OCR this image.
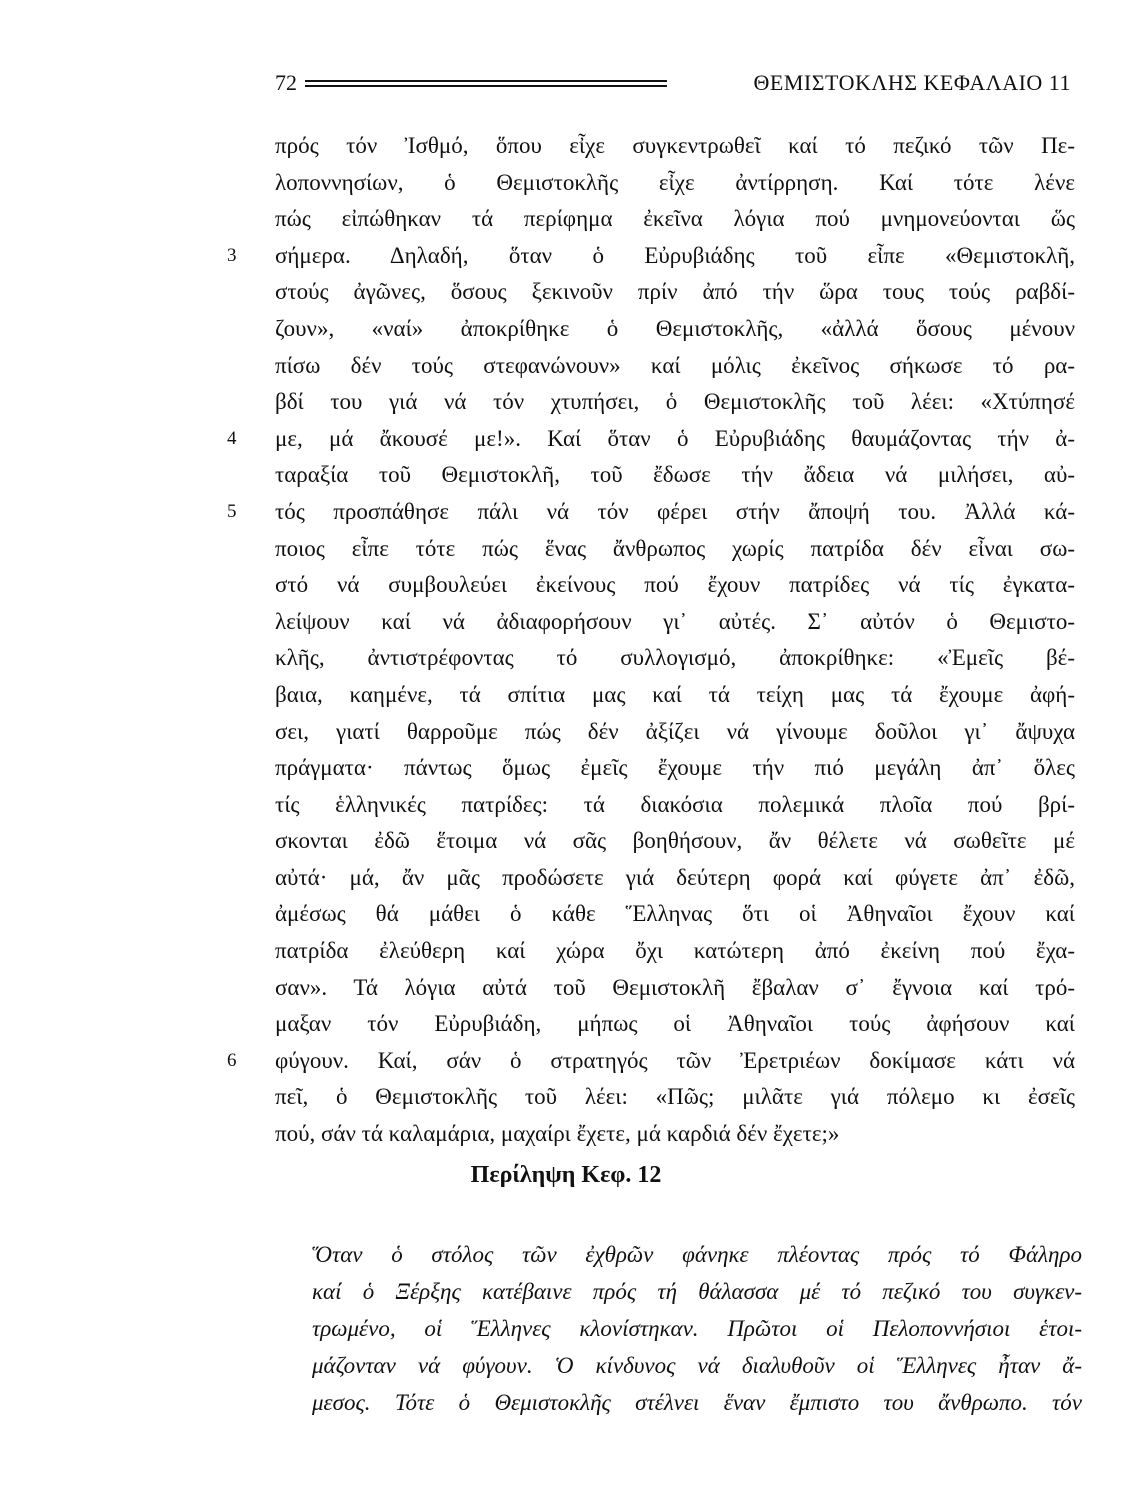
72	ΘΕΜΙΣΤΟΚΛΗΣ ΚΕΦΑΛΑΙΟ 11
πρός τόν Ἰσθμό, ὅπου εἶχε συγκεντρωθεῖ καί τό πεζικό τῶν Πε-
λοποννησίων, ὁ Θεμιστοκλῆς εἶχε ἀντίρρηση. Καί τότε λένε
πώς εἰπώθηκαν τά περίφημα ἐκεῖνα λόγια πού μνημονεύονται ὥς
3 σήμερα. Δηλαδή, ὅταν ὁ Εὐρυβιάδης τοῦ εἶπε «Θεμιστοκλῆ,
στούς ἀγῶνες, ὅσους ξεκινοῦν πρίν ἀπό τήν ὥρα τους τούς ραβδί-
ζουν», «ναί» ἀποκρίθηκε ὁ Θεμιστοκλῆς, «ἀλλά ὅσους μένουν
πίσω δέν τούς στεφανώνουν» καί μόλις ἐκεῖνος σήκωσε τό ρα-
βδί του γιά νά τόν χτυπήσει, ὁ Θεμιστοκλῆς τοῦ λέει: «Χτύπησέ
4 με, μά ἄκουσέ με!». Καί ὅταν ὁ Εὐρυβιάδης θαυμάζοντας τήν ἀ-
ταραξία τοῦ Θεμιστοκλῆ, τοῦ ἔδωσε τήν ἄδεια νά μιλήσει, αὐ-
5 τός προσπάθησε πάλι νά τόν φέρει στήν ἄποψή του. Ἀλλά κά-
ποιος εἶπε τότε πώς ἕνας ἄνθρωπος χωρίς πατρίδα δέν εἶναι σω-
στό νά συμβουλεύει ἐκείνους πού ἔχουν πατρίδες νά τίς ἐγκατα-
λείψουν καί νά ἀδιαφορήσουν γι᾿ αὐτές. Σ᾿ αὐτόν ὁ Θεμιστο-
κλῆς, ἀντιστρέφοντας τό συλλογισμό, ἀποκρίθηκε: «Ἐμεῖς βέ-
βαια, καημένε, τά σπίτια μας καί τά τείχη μας τά ἔχουμε ἀφή-
σει, γιατί θαρροῦμε πώς δέν ἀξίζει νά γίνουμε δοῦλοι γι᾿ ἄψυχα
πράγματα· πάντως ὅμως ἐμεῖς ἔχουμε τήν πιό μεγάλη ἀπ᾿ ὅλες
τίς ἑλληνικές πατρίδες: τά διακόσια πολεμικά πλοῖα πού βρί-
σκονται ἐδῶ ἕτοιμα νά σᾶς βοηθήσουν, ἄν θέλετε νά σωθεῖτε μέ
αὐτά· μά, ἄν μᾶς προδώσετε γιά δεύτερη φορά καί φύγετε ἀπ᾿ ἐδῶ,
ἀμέσως θά μάθει ὁ κάθε Ἕλληνας ὅτι οἱ Ἀθηναῖοι ἔχουν καί
πατρίδα ἐλεύθερη καί χώρα ὄχι κατώτερη ἀπό ἐκείνη πού ἔχα-
σαν». Τά λόγια αὐτά τοῦ Θεμιστοκλῆ ἔβαλαν σ᾿ ἔγνοια καί τρό-
μαξαν τόν Εὐρυβιάδη, μήπως οἱ Ἀθηναῖοι τούς ἀφήσουν καί
6 φύγουν. Καί, σάν ὁ στρατηγός τῶν Ἐρετριέων δοκίμασε κάτι νά
πεῖ, ὁ Θεμιστοκλῆς τοῦ λέει: «Πῶς; μιλᾶτε γιά πόλεμο κι ἐσεῖς
πού, σάν τά καλαμάρια, μαχαίρι ἔχετε, μά καρδιά δέν ἔχετε;»
Περίληψη Κεφ. 12
Ὅταν ὁ στόλος τῶν ἐχθρῶν φάνηκε πλέοντας πρός τό Φάληρο
καί ὁ Ξέρξης κατέβαινε πρός τή θάλασσα μέ τό πεζικό του συγκεν-
τρωμένο, οἱ Ἕλληνες κλονίστηκαν. Πρῶτοι οἱ Πελοποννήσιοι ἑτοι-
μάζονταν νά φύγουν. Ὁ κίνδυνος νά διαλυθοῦν οἱ Ἕλληνες ἦταν ἄ-
μεσος. Τότε ὁ Θεμιστοκλῆς στέλνει ἕναν ἔμπιστο του ἄνθρωπο. τόν
